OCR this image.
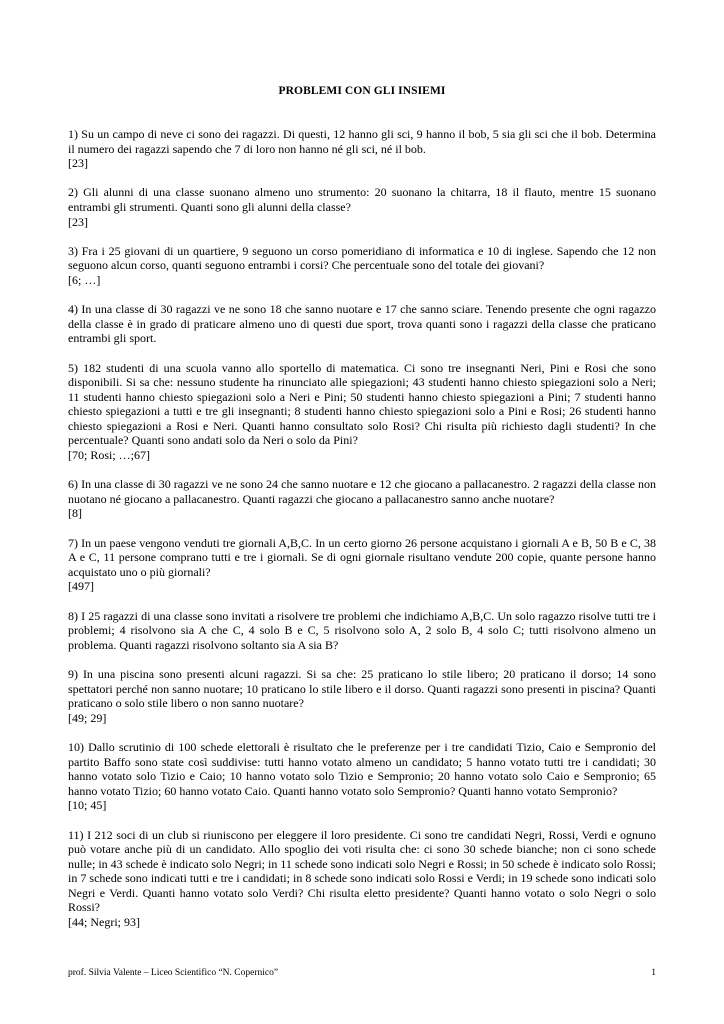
PROBLEMI CON GLI INSIEMI

1) Su un campo di neve ci sono dei ragazzi. Di questi, 12 hanno gli sci, 9 hanno il bob, 5 sia gli sci che il bob. Determina il numero dei ragazzi sapendo che 7 di loro non hanno né gli sci, né il bob.

[23]

2) Gli alunni di una classe suonano almeno uno strumento: 20 suonano la chitarra, 18 il flauto, mentre 15 suonano entrambi gli strumenti. Quanti sono gli alunni della classe?

[23]

3) Fra i 25 giovani di un quartiere, 9 seguono un corso pomeridiano di informatica e 10 di inglese. Sapendo che 12 non seguono alcun corso, quanti seguono entrambi i corsi? Che percentuale sono del totale dei giovani?

[6; …]

4) In una classe di 30 ragazzi ve ne sono 18 che sanno nuotare e 17 che sanno sciare. Tenendo presente che ogni ragazzo della classe è in grado di praticare almeno uno di questi due sport, trova quanti sono i ragazzi della classe che praticano entrambi gli sport.

5) 182 studenti di una scuola vanno allo sportello di matematica. Ci sono tre insegnanti Neri, Pini e Rosi che sono disponibili. Si sa che: nessuno studente ha rinunciato alle spiegazioni; 43 studenti hanno chiesto spiegazioni solo a Neri; 11 studenti hanno chiesto spiegazioni solo a Neri e Pini; 50 studenti hanno chiesto spiegazioni a Pini; 7 studenti hanno chiesto spiegazioni a tutti e tre gli insegnanti; 8 studenti hanno chiesto spiegazioni solo a Pini e Rosi; 26 studenti hanno chiesto spiegazioni a Rosi e Neri. Quanti hanno consultato solo Rosi? Chi risulta più richiesto dagli studenti? In che percentuale? Quanti sono andati solo da Neri o solo da Pini?

[70; Rosi; …;67]

6) In una classe di 30 ragazzi ve ne sono 24 che sanno nuotare e 12 che giocano a pallacanestro. 2 ragazzi della classe non nuotano né giocano a pallacanestro. Quanti ragazzi che giocano a pallacanestro sanno anche nuotare?

[8]

7) In un paese vengono venduti tre giornali A,B,C. In un certo giorno 26 persone acquistano i giornali A e B, 50 B e C, 38 A e C, 11 persone comprano tutti e tre i giornali. Se di ogni giornale risultano vendute 200 copie, quante persone hanno acquistato uno o più giornali?

[497]

8) I 25 ragazzi di una classe sono invitati a risolvere tre problemi che indichiamo A,B,C. Un solo ragazzo risolve tutti tre i problemi; 4 risolvono sia A che C, 4 solo B e C, 5 risolvono solo A, 2 solo B, 4 solo C; tutti risolvono almeno un problema. Quanti ragazzi risolvono soltanto sia A sia B?

9) In una piscina sono presenti alcuni ragazzi. Si sa che: 25 praticano lo stile libero; 20 praticano il dorso; 14 sono spettatori perché non sanno nuotare; 10 praticano lo stile libero e il dorso. Quanti ragazzi sono presenti in piscina? Quanti praticano o solo stile libero o non sanno nuotare?

[49; 29]

10) Dallo scrutinio di 100 schede elettorali è risultato che le preferenze per i tre candidati Tizio, Caio e Sempronio del partito Baffo sono state così suddivise: tutti hanno votato almeno un candidato; 5 hanno votato tutti tre i candidati; 30 hanno votato solo Tizio e Caio; 10 hanno votato solo Tizio e Sempronio; 20 hanno votato solo Caio e Sempronio; 65 hanno votato Tizio; 60 hanno votato Caio. Quanti hanno votato solo Sempronio? Quanti hanno votato Sempronio?

[10; 45]

11) I 212 soci di un club si riuniscono per eleggere il loro presidente. Ci sono tre candidati Negri, Rossi, Verdi e ognuno può votare anche più di un candidato. Allo spoglio dei voti risulta che: ci sono 30 schede bianche; non ci sono schede nulle; in 43 schede è indicato solo Negri; in 11 schede sono indicati solo Negri e Rossi; in 50 schede è indicato solo Rossi; in 7 schede sono indicati tutti e tre i candidati; in 8 schede sono indicati solo Rossi e Verdi; in 19 schede sono indicati solo Negri e Verdi. Quanti hanno votato solo Verdi? Chi risulta eletto presidente? Quanti hanno votato o solo Negri o solo Rossi?

[44; Negri; 93]
prof. Silvia Valente – Liceo Scientifico “N. Copernico”	1
